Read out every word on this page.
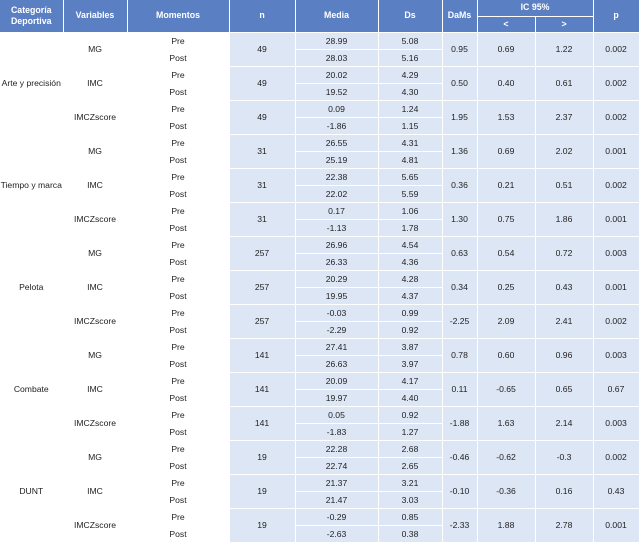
Categoría Deportiva	Variables	Momentos	n	Media	Ds	DaMs	IC 95%		p
							<	>	
Arte y precisión	MG	Pre	49	28.99	5.08	0.95	0.69	1.22	0.002
		Post		28.03	5.16				
	IMC	Pre	49	20.02	4.29	0.50	0.40	0.61	0.002
		Post		19.52	4.30				
	IMCZscore	Pre	49	0.09	1.24	1.95	1.53	2.37	0.002
		Post		-1.86	1.15				
Tiempo y marca	MG	Pre	31	26.55	4.31	1.36	0.69	2.02	0.001
		Post		25.19	4.81				
	IMC	Pre	31	22.38	5.65	0.36	0.21	0.51	0.002
		Post		22.02	5.59				
	IMCZscore	Pre	31	0.17	1.06	1.30	0.75	1.86	0.001
		Post		-1.13	1.78				
Pelota	MG	Pre	257	26.96	4.54	0.63	0.54	0.72	0.003
		Post		26.33	4.36				
	IMC	Pre	257	20.29	4.28	0.34	0.25	0.43	0.001
		Post		19.95	4.37				
	IMCZscore	Pre	257	-0.03	0.99	-2.25	2.09	2.41	0.002
		Post		-2.29	0.92				
Combate	MG	Pre	141	27.41	3.87	0.78	0.60	0.96	0.003
		Post		26.63	3.97				
	IMC	Pre	141	20.09	4.17	0.11	-0.65	0.65	0.67
		Post		19.97	4.40				
	IMCZscore	Pre	141	0.05	0.92	-1.88	1.63	2.14	0.003
		Post		-1.83	1.27				
DUNT	MG	Pre	19	22.28	2.68	-0.46	-0.62	-0.3	0.002
		Post		22.74	2.65				
	IMC	Pre	19	21.37	3.21	-0.10	-0.36	0.16	0.43
		Post		21.47	3.03				
	IMCZscore	Pre	19	-0.29	0.85	-2.33	1.88	2.78	0.001
		Post		-2.63	0.38				
